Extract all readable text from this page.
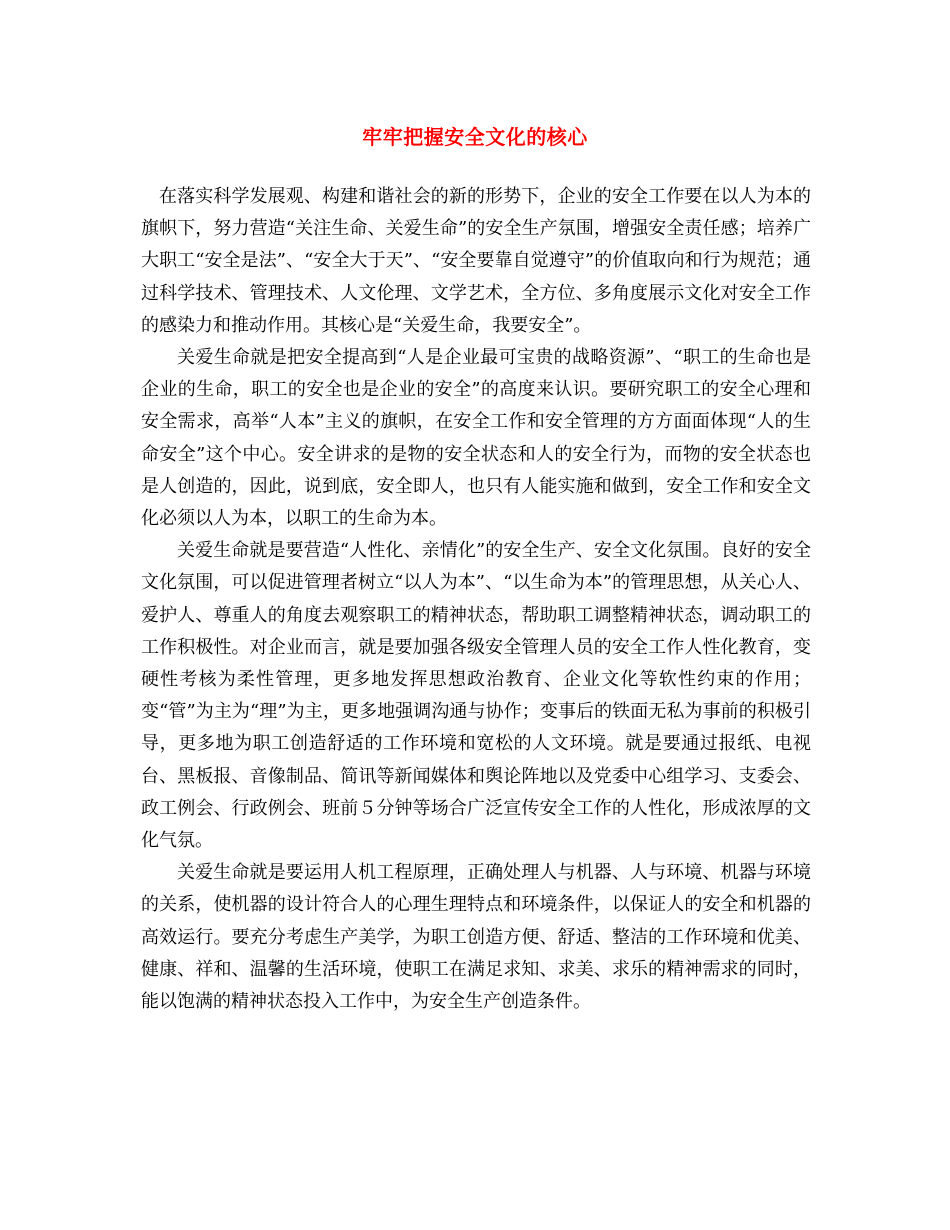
牢牢把握安全文化的核心

在落实科学发展观、构建和谐社会的新的形势下，企业的安全工作要在以人为本的旗帜下，努力营造“关注生命、关爱生命”的安全生产氛围，增强安全责任感；培养广大职工“安全是法”、“安全大于天”、“安全要靠自觉遵守”的价值取向和行为规范；通过科学技术、管理技术、人文伦理、文学艺术，全方位、多角度展示文化对安全工作的感染力和推动作用。其核心是“关爱生命，我要安全”。

关爱生命就是把安全提高到“人是企业最可宝贵的战略资源”、“职工的生命也是企业的生命，职工的安全也是企业的安全”的高度来认识。要研究职工的安全心理和安全需求，高举“人本”主义的旗帜，在安全工作和安全管理的方方面面体现“人的生命安全”这个中心。安全讲求的是物的安全状态和人的安全行为，而物的安全状态也是人创造的，因此，说到底，安全即人，也只有人能实施和做到，安全工作和安全文化必须以人为本，以职工的生命为本。

关爱生命就是要营造“人性化、亲情化”的安全生产、安全文化氛围。良好的安全文化氛围，可以促进管理者树立“以人为本”、“以生命为本”的管理思想，从关心人、爱护人、尊重人的角度去观察职工的精神状态，帮助职工调整精神状态，调动职工的工作积极性。对企业而言，就是要加强各级安全管理人员的安全工作人性化教育，变硬性考核为柔性管理，更多地发挥思想政治教育、企业文化等软性约束的作用；变“管”为主为“理”为主，更多地强调沟通与协作；变事后的铁面无私为事前的积极引导，更多地为职工创造舒适的工作环境和宽松的人文环境。就是要通过报纸、电视台、黑板报、音像制品、简讯等新闻媒体和舆论阵地以及党委中心组学习、支委会、政工例会、行政例会、班前５分钟等场合广泛宣传安全工作的人性化，形成浓厚的文化气氛。

关爱生命就是要运用人机工程原理，正确处理人与机器、人与环境、机器与环境的关系，使机器的设计符合人的心理生理特点和环境条件，以保证人的安全和机器的高效运行。要充分考虑生产美学，为职工创造方便、舒适、整洁的工作环境和优美、健康、祥和、温馨的生活环境，使职工在满足求知、求美、求乐的精神需求的同时，能以饱满的精神状态投入工作中，为安全生产创造条件。
